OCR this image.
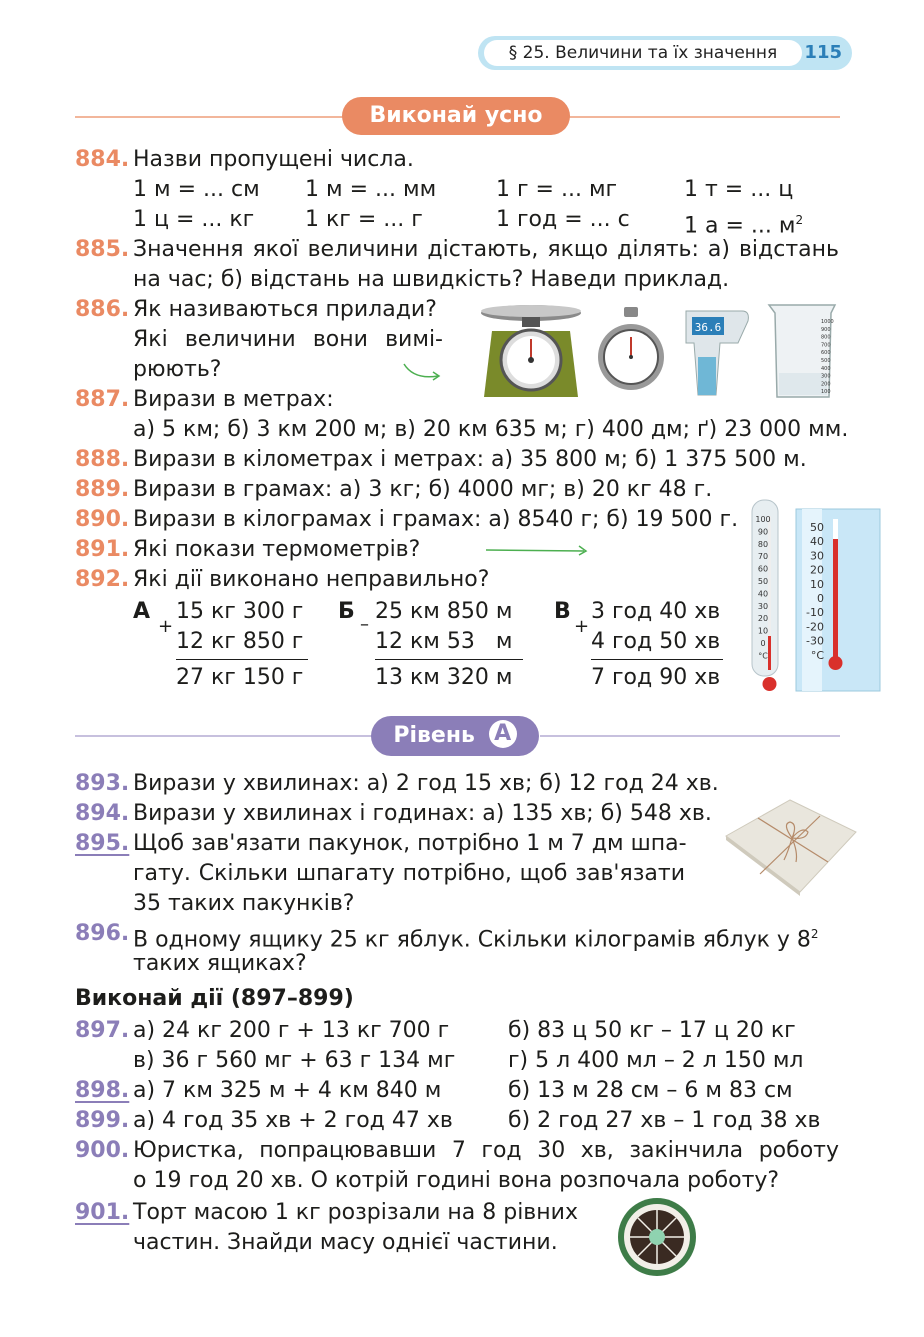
§ 25. Величини та їх значення	115
Виконай усно
884. Назви пропущені числа.
1 м = ... см 1 м = ... мм	1 г = ... мг	1 т = ... ц
1 ц = ... кг 1 кг = ... г	1 год = ... с 1 а = ... $м^2$
885. Значення якої величини дістають, якщо ділять: а) відстань
на час; б) відстань на швидкість? Наведи приклад.
886. Як називаються прилади?
Які величини вони вимі-
рюють?
36.6	1000
900
800
700
600
500
400
300
200
100
887. Вирази в метрах:
а) 5 км; б) 3 км 200 м; в) 20 км 635 м; г) 400 дм; ґ) 23 000 мм.
888. Вирази в кілометрах і метрах: а) 35 800 м; б) 1 375 500 м.
889. Вирази в грамах: а) 3 кг; б) 4000 мг; в) 20 кг 48 г.
890. Вирази в кілограмах і грамах: а) 8540 г; б) 19 500 г.
891. Які покази термометрів?
892. Які дії виконано неправильно?
А
+
15 кг 300 г
12 кг 850 г
27 кг 150 г
Б
–
25 км 850 м
12 км 53   м
13 км 320 м
В
+
3 год 40 хв
4 год 50 хв
7 год 90 хв
100
90
80
70
60
50
40
30
20
10
0
°C
50
40
30
20
10
0
-10
-20
-30
°C
Рівень А
893. Вирази у хвилинах: а) 2 год 15 хв; б) 12 год 24 хв.
894. Вирази у хвилинах і годинах: а) 135 хв; б) 548 хв.
895. Щоб зав'язати пакунок, потрібно 1 м 7 дм шпа-
гату. Скільки шпагату потрібно, щоб зав'язати
35 таких пакунків?
896. В одному ящику 25 кг яблук. Скільки кілограмів яблук у $8^2$
таких ящиках?
Виконай дії (897–899)
897. а) 24 кг 200 г + 13 кг 700 г	б) 83 ц 50 кг – 17 ц 20 кг
в) 36 г 560 мг + 63 г 134 мг г) 5 л 400 мл – 2 л 150 мл
898. а) 7 км 325 м + 4 км 840 м	б) 13 м 28 см – 6 м 83 см
899. а) 4 год 35 хв + 2 год 47 хв	б) 2 год 27 хв – 1 год 38 хв
900. Юристка, попрацювавши 7 год 30 хв, закінчила роботу
о 19 год 20 хв. О котрій годині вона розпочала роботу?
901. Торт масою 1 кг розрізали на 8 рівних
частин. Знайди масу однієї частини.
